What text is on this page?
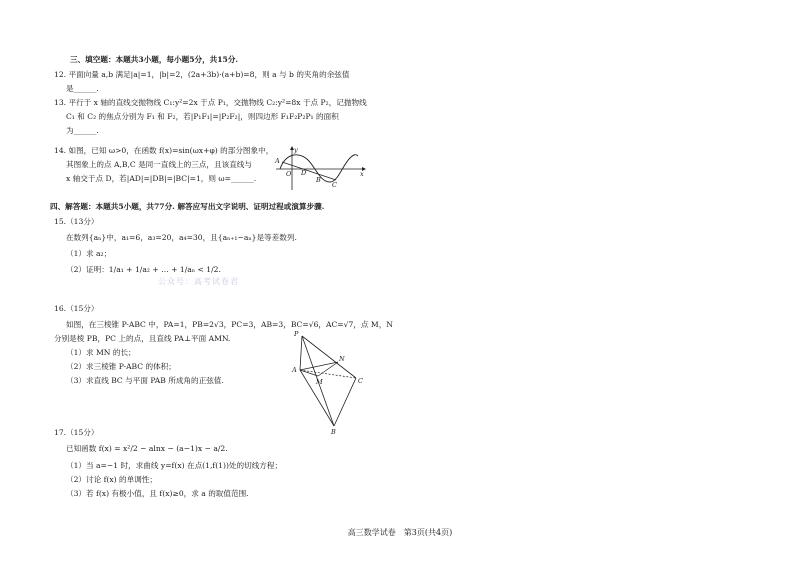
三、填空题：本题共3小题，每小题5分，共15分.
12. 平面向量 a,b 满足|a|=1，|b|=2，(2a+3b)·(a+b)=8，则 a 与 b 的夹角的余弦值
是______.
13. 平行于 x 轴的直线交抛物线 C₁:y²=2x 于点 P₁，交抛物线 C₂:y²=8x 于点 P₂，记抛物线
C₁ 和 C₂ 的焦点分别为 F₁ 和 F₂，若|P₁F₁|=|P₂F₂|，则四边形 F₁F₂P₂P₁ 的面积
为______.
14. 如图，已知 ω>0，在函数 f(x)=sin(ωx+φ) 的部分图象中，
其图象上的点 A,B,C 是同一直线上的三点，且该直线与
x 轴交于点 D，若|AD|=|DB|=|BC|=1，则 ω=______.
y
x
O
A
D
B
C
四、解答题：本题共5小题，共77分. 解答应写出文字说明、证明过程或演算步骤.
15.（13分）
在数列{aₙ}中，a₁=6，a₃=20，a₄=30，且{aₙ₊₁−aₙ}是等差数列.
（1）求 a₂；
（2）证明：1/a₁ + 1/a₂ + … + 1/aₙ < 1/2.
公众号：高考试卷君
16.（15分）
如图，在三棱锥 P-ABC 中，PA=1，PB=2√3，PC=3，AB=3，BC=√6，AC=√7，点 M，N
分别是棱 PB，PC 上的点，且直线 PA⊥平面 AMN.
（1）求 MN 的长；
（2）求三棱锥 P-ABC 的体积；
（3）求直线 BC 与平面 PAB 所成角的正弦值.
P
A
M
N
B
C
17.（15分）
已知函数 f(x) = x²/2 − alnx − (a−1)x − a/2.
（1）当 a=−1 时，求曲线 y=f(x) 在点(1,f(1))处的切线方程；
（2）讨论 f(x) 的单调性；
（3）若 f(x) 有极小值，且 f(x)≥0，求 a 的取值范围.
高三数学试卷　第3页(共4页)
